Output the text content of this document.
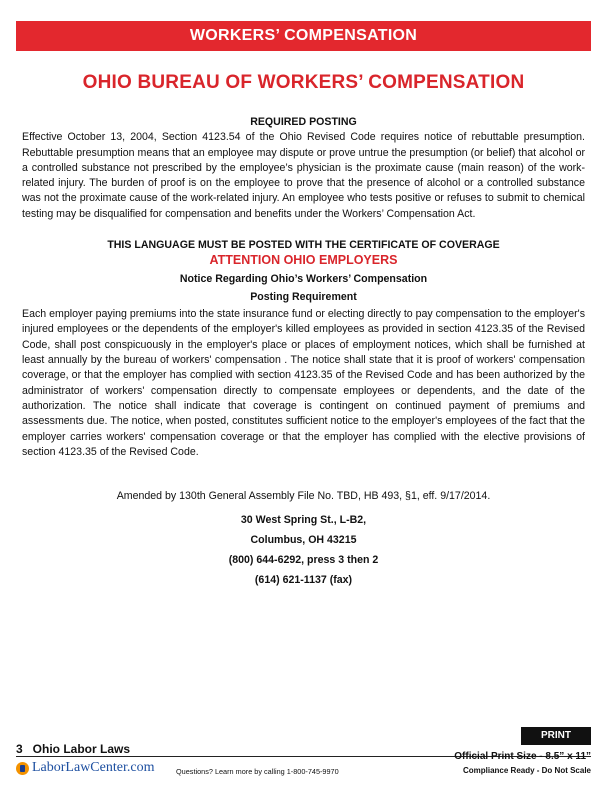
WORKERS’ COMPENSATION
OHIO BUREAU OF WORKERS’ COMPENSATION
REQUIRED POSTING
Effective October 13, 2004, Section 4123.54 of the Ohio Revised Code requires notice of rebuttable presumption. Rebuttable presumption means that an employee may dispute or prove untrue the presumption (or belief) that alcohol or a controlled substance not prescribed by the employee’s physician is the proximate cause (main reason) of the work-related injury. The burden of proof is on the employee to prove that the presence of alcohol or a controlled substance was not the proximate cause of the work-related injury. An employee who tests positive or refuses to submit to chemical testing may be disqualified for compensation and benefits under the Workers’ Compensation Act.
THIS LANGUAGE MUST BE POSTED WITH THE CERTIFICATE OF COVERAGE
ATTENTION OHIO EMPLOYERS
Notice Regarding Ohio’s Workers’ Compensation
Posting Requirement
Each employer paying premiums into the state insurance fund or electing directly to pay compensation to the employer's injured employees or the dependents of the employer's killed employees as provided in section 4123.35 of the Revised Code, shall post conspicuously in the employer's place or places of employment notices, which shall be furnished at least annually by the bureau of workers' compensation . The notice shall state that it is proof of workers' compensation coverage, or that the employer has complied with section 4123.35 of the Revised Code and has been authorized by the administrator of workers' compensation directly to compensate employees or dependents, and the date of the authorization. The notice shall indicate that coverage is contingent on continued payment of premiums and assessments due. The notice, when posted, constitutes sufficient notice to the employer's employees of the fact that the employer carries workers' compensation coverage or that the employer has complied with the elective provisions of section 4123.35 of the Revised Code.
Amended by 130th General Assembly File No. TBD, HB 493, §1, eff. 9/17/2014.
30 West Spring St., L-B2,
Columbus, OH 43215
(800) 644-6292, press 3 then 2
(614) 621-1137 (fax)
PRINT
3   Ohio Labor Laws
LaborLawCenter.com	Questions? Learn more by calling 1-800-745-9970
Official Print Size - 8.5” x 11”
Compliance Ready - Do Not Scale
